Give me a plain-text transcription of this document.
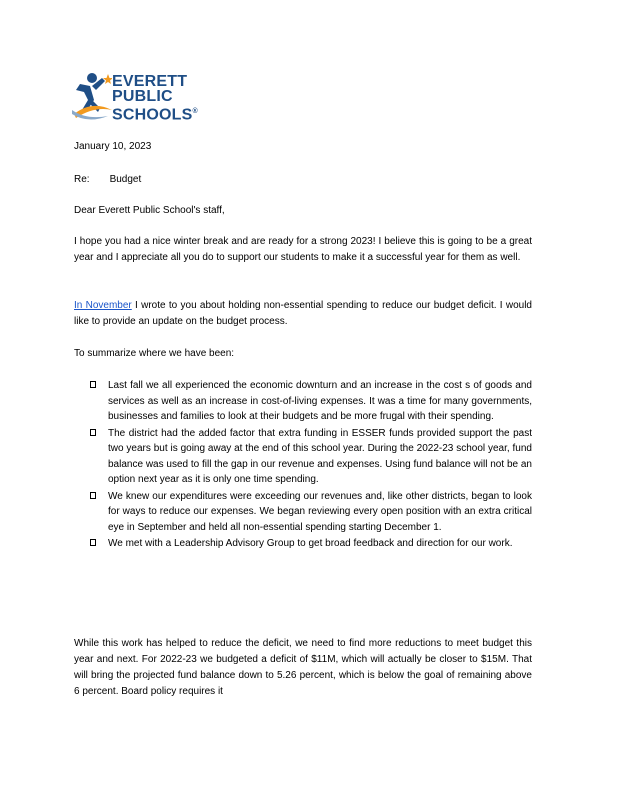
EVERETT
PUBLIC
SCHOOLS®
January 10, 2023
Re: Budget
Dear Everett Public School's staff,
I hope you had a nice winter break and are ready for a strong 2023! I believe this is going to be a great year and I appreciate all you do to support our students to make it a successful year for them as well.
In November I wrote to you about holding non-essential spending to reduce our budget deficit. I would like to provide an update on the budget process.
To summarize where we have been:
Last fall we all experienced the economic downturn and an increase in the cost s of goods and services as well as an increase in cost-of-living expenses. It was a time for many governments, businesses and families to look at their budgets and be more frugal with their spending.
The district had the added factor that extra funding in ESSER funds provided support the past two years but is going away at the end of this school year. During the 2022-23 school year, fund balance was used to fill the gap in our revenue and expenses. Using fund balance will not be an option next year as it is only one time spending.
We knew our expenditures were exceeding our revenues and, like other districts, began to look for ways to reduce our expenses. We began reviewing every open position with an extra critical eye in September and held all non-essential spending starting December 1.
We met with a Leadership Advisory Group to get broad feedback and direction for our work.
While this work has helped to reduce the deficit, we need to find more reductions to meet budget this year and next. For 2022-23 we budgeted a deficit of $11M, which will actually be closer to $15M. That will bring the projected fund balance down to 5.26 percent, which is below the goal of remaining above 6 percent. Board policy requires it
